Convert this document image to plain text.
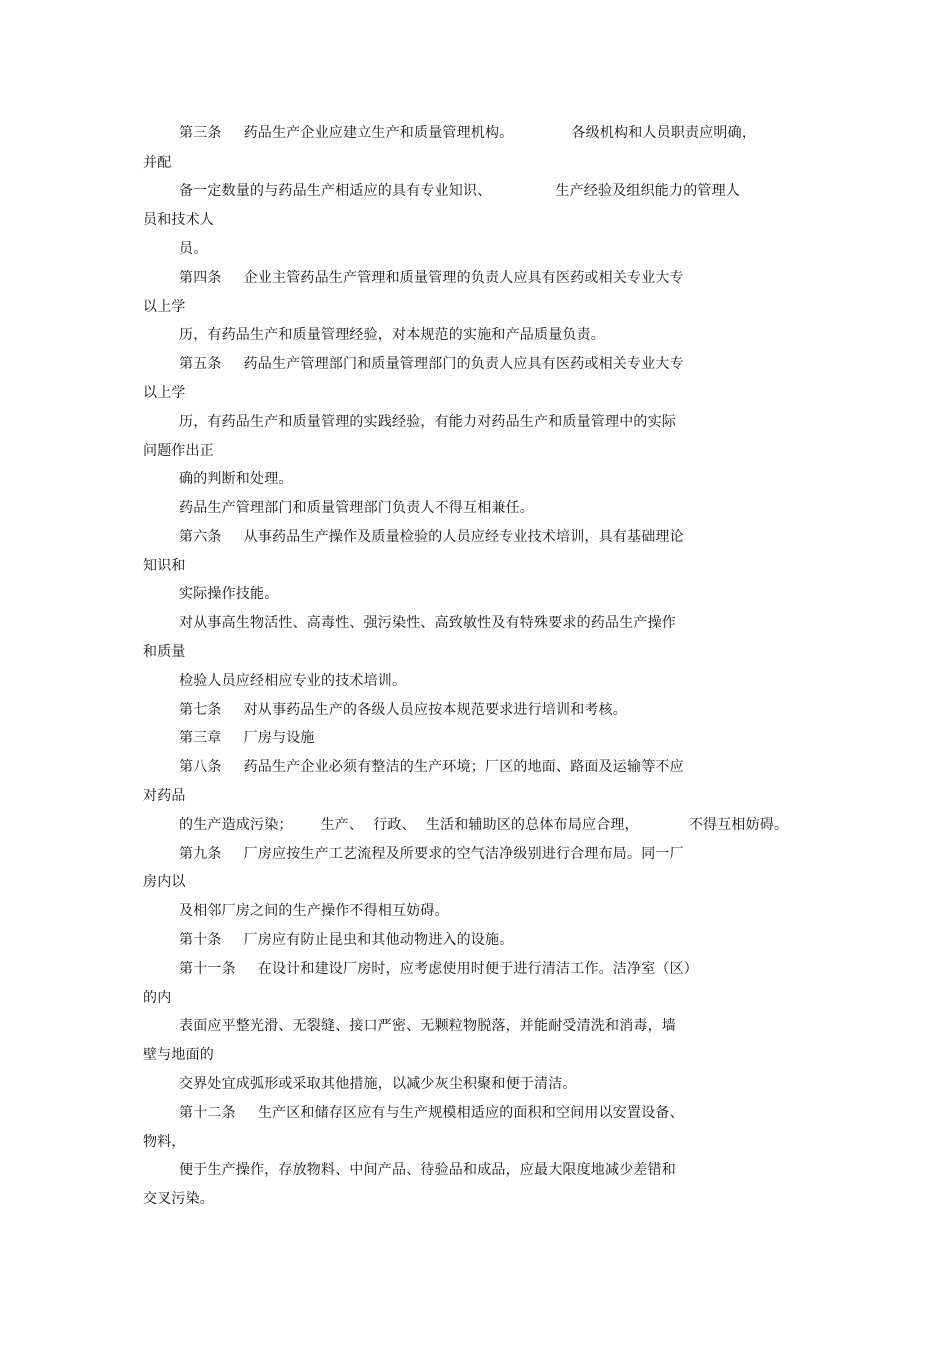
第三条 药品生产企业应建立生产和质量管理机构。	各级机构和人员职责应明确，
并配
备一定数量的与药品生产相适应的具有专业知识、	生产经验及组织能力的管理人
员和技术人
员。
第四条 企业主管药品生产管理和质量管理的负责人应具有医药或相关专业大专
以上学
历，有药品生产和质量管理经验，对本规范的实施和产品质量负责。
第五条 药品生产管理部门和质量管理部门的负责人应具有医药或相关专业大专
以上学
历，有药品生产和质量管理的实践经验，有能力对药品生产和质量管理中的实际
问题作出正
确的判断和处理。
药品生产管理部门和质量管理部门负责人不得互相兼任。
第六条 从事药品生产操作及质量检验的人员应经专业技术培训，具有基础理论
知识和
实际操作技能。
对从事高生物活性、高毒性、强污染性、高致敏性及有特殊要求的药品生产操作
和质量
检验人员应经相应专业的技术培训。
第七条 对从事药品生产的各级人员应按本规范要求进行培训和考核。
第三章 厂房与设施
第八条 药品生产企业必须有整洁的生产环境；厂区的地面、路面及运输等不应
对药品
的生产造成污染； 生产、 行政、 生活和辅助区的总体布局应合理，	不得互相妨碍。
第九条 厂房应按生产工艺流程及所要求的空气洁净级别进行合理布局。同一厂
房内以
及相邻厂房之间的生产操作不得相互妨碍。
第十条 厂房应有防止昆虫和其他动物进入的设施。
第十一条 在设计和建设厂房时，应考虑使用时便于进行清洁工作。洁净室（区）
的内
表面应平整光滑、无裂缝、接口严密、无颗粒物脱落，并能耐受清洗和消毒，墙
壁与地面的
交界处宜成弧形或采取其他措施，以减少灰尘积聚和便于清洁。
第十二条 生产区和储存区应有与生产规模相适应的面积和空间用以安置设备、
物料，
便于生产操作，存放物料、中间产品、待验品和成品，应最大限度地减少差错和
交叉污染。
